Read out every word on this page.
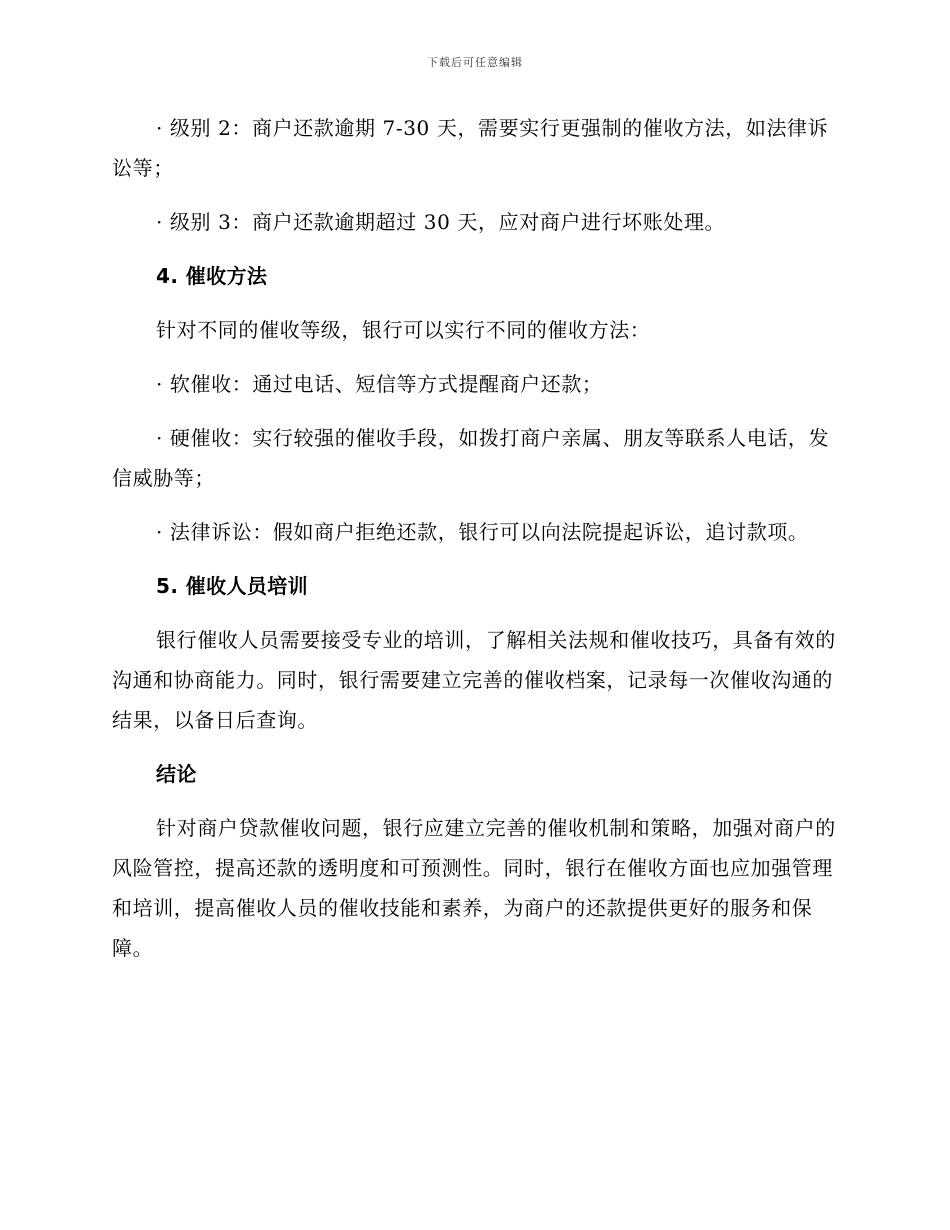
下载后可任意编辑

· 级别 2：商户还款逾期 7-30 天，需要实行更强制的催收方法，如法律诉讼等；

· 级别 3：商户还款逾期超过 30 天，应对商户进行坏账处理。

4. 催收方法

针对不同的催收等级，银行可以实行不同的催收方法：

· 软催收：通过电话、短信等方式提醒商户还款；

· 硬催收：实行较强的催收手段，如拨打商户亲属、朋友等联系人电话，发信威胁等；

· 法律诉讼：假如商户拒绝还款，银行可以向法院提起诉讼，追讨款项。

5. 催收人员培训

银行催收人员需要接受专业的培训，了解相关法规和催收技巧，具备有效的沟通和协商能力。同时，银行需要建立完善的催收档案，记录每一次催收沟通的结果，以备日后查询。

结论

针对商户贷款催收问题，银行应建立完善的催收机制和策略，加强对商户的风险管控，提高还款的透明度和可预测性。同时，银行在催收方面也应加强管理和培训，提高催收人员的催收技能和素养，为商户的还款提供更好的服务和保障。
